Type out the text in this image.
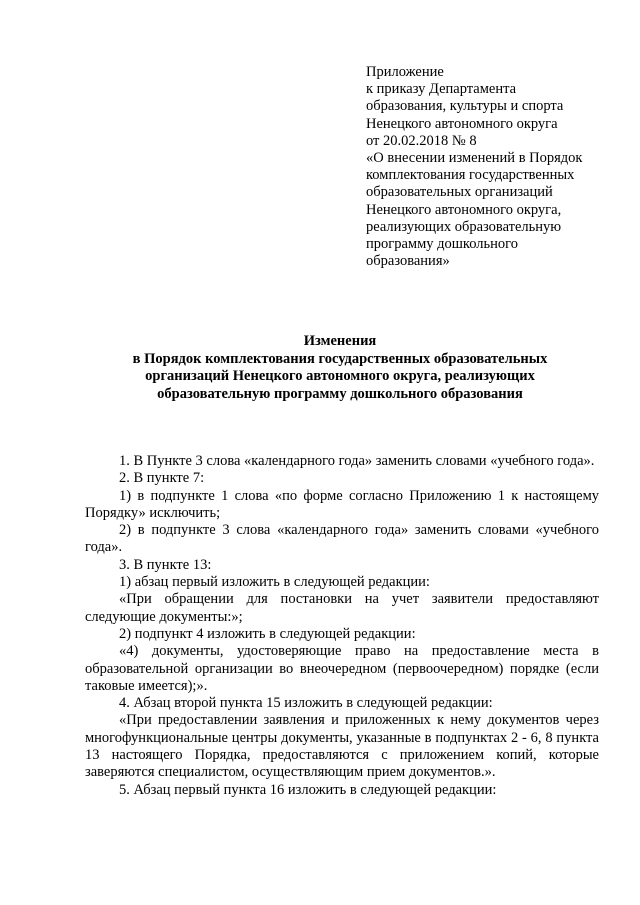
Приложение
к приказу Департамента
образования, культуры и спорта
Ненецкого автономного округа
от 20.02.2018 № 8
«О внесении изменений в Порядок
комплектования государственных
образовательных организаций
Ненецкого автономного округа,
реализующих образовательную
программу дошкольного
образования»
Изменения
в Порядок комплектования государственных образовательных
организаций Ненецкого автономного округа, реализующих
образовательную программу дошкольного образования

1. В Пункте 3 слова «календарного года» заменить словами «учебного года».

2. В пункте 7:

1) в подпункте 1 слова «по форме согласно Приложению 1 к настоящему Порядку» исключить;

2) в подпункте 3 слова «календарного года» заменить словами «учебного года».

3. В пункте 13:

1) абзац первый изложить в следующей редакции:

«При обращении для постановки на учет заявители предоставляют следующие документы:»;

2) подпункт 4 изложить в следующей редакции:

«4) документы, удостоверяющие право на предоставление места в образовательной организации во внеочередном (первоочередном) порядке (если таковые имеется);».

4. Абзац второй пункта 15 изложить в следующей редакции:

«При предоставлении заявления и приложенных к нему документов через многофункциональные центры документы, указанные в подпунктах 2 - 6, 8 пункта 13 настоящего Порядка, предоставляются с приложением копий, которые заверяются специалистом, осуществляющим прием документов.».

5. Абзац первый пункта 16 изложить в следующей редакции:
